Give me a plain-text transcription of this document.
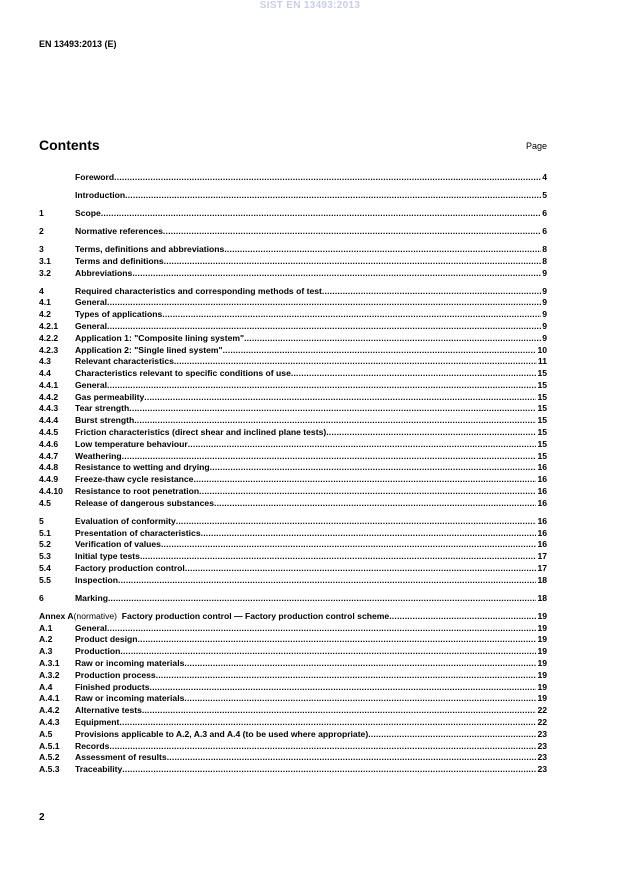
SIST EN 13493:2013
EN 13493:2013 (E)
Contents	Page
Foreword .....	4
Introduction .....	5
1	Scope .....	6
2	Normative references .....	6
3	Terms, definitions and abbreviations .....	8
3.1	Terms and definitions .....	8
3.2	Abbreviations .....	9
4	Required characteristics and corresponding methods of test .....	9
4.1	General .....	9
4.2	Types of applications .....	9
4.2.1	General .....	9
4.2.2	Application 1: "Composite lining system" .....	9
4.2.3	Application 2: "Single lined system" .....	10
4.3	Relevant characteristics .....	11
4.4	Characteristics relevant to specific conditions of use .....	15
4.4.1	General .....	15
4.4.2	Gas permeability .....	15
4.4.3	Tear strength .....	15
4.4.4	Burst strength .....	15
4.4.5	Friction characteristics (direct shear and inclined plane tests) .....	15
4.4.6	Low temperature behaviour .....	15
4.4.7	Weathering .....	15
4.4.8	Resistance to wetting and drying .....	16
4.4.9	Freeze-thaw cycle resistance .....	16
4.4.10	Resistance to root penetration .....	16
4.5	Release of dangerous substances .....	16
5	Evaluation of conformity .....	16
5.1	Presentation of characteristics .....	16
5.2	Verification of values .....	16
5.3	Initial type tests .....	17
5.4	Factory production control .....	17
5.5	Inspection .....	18
6	Marking .....	18
Annex A (normative) Factory production control — Factory production control scheme .....	19
A.1	General .....	19
A.2	Product design .....	19
A.3	Production .....	19
A.3.1	Raw or incoming materials .....	19
A.3.2	Production process .....	19
A.4	Finished products .....	19
A.4.1	Raw or incoming materials .....	19
A.4.2	Alternative tests .....	22
A.4.3	Equipment .....	22
A.5	Provisions applicable to A.2, A.3 and A.4 (to be used where appropriate) .....	23
A.5.1	Records .....	23
A.5.2	Assessment of results .....	23
A.5.3	Traceability .....	23
2
